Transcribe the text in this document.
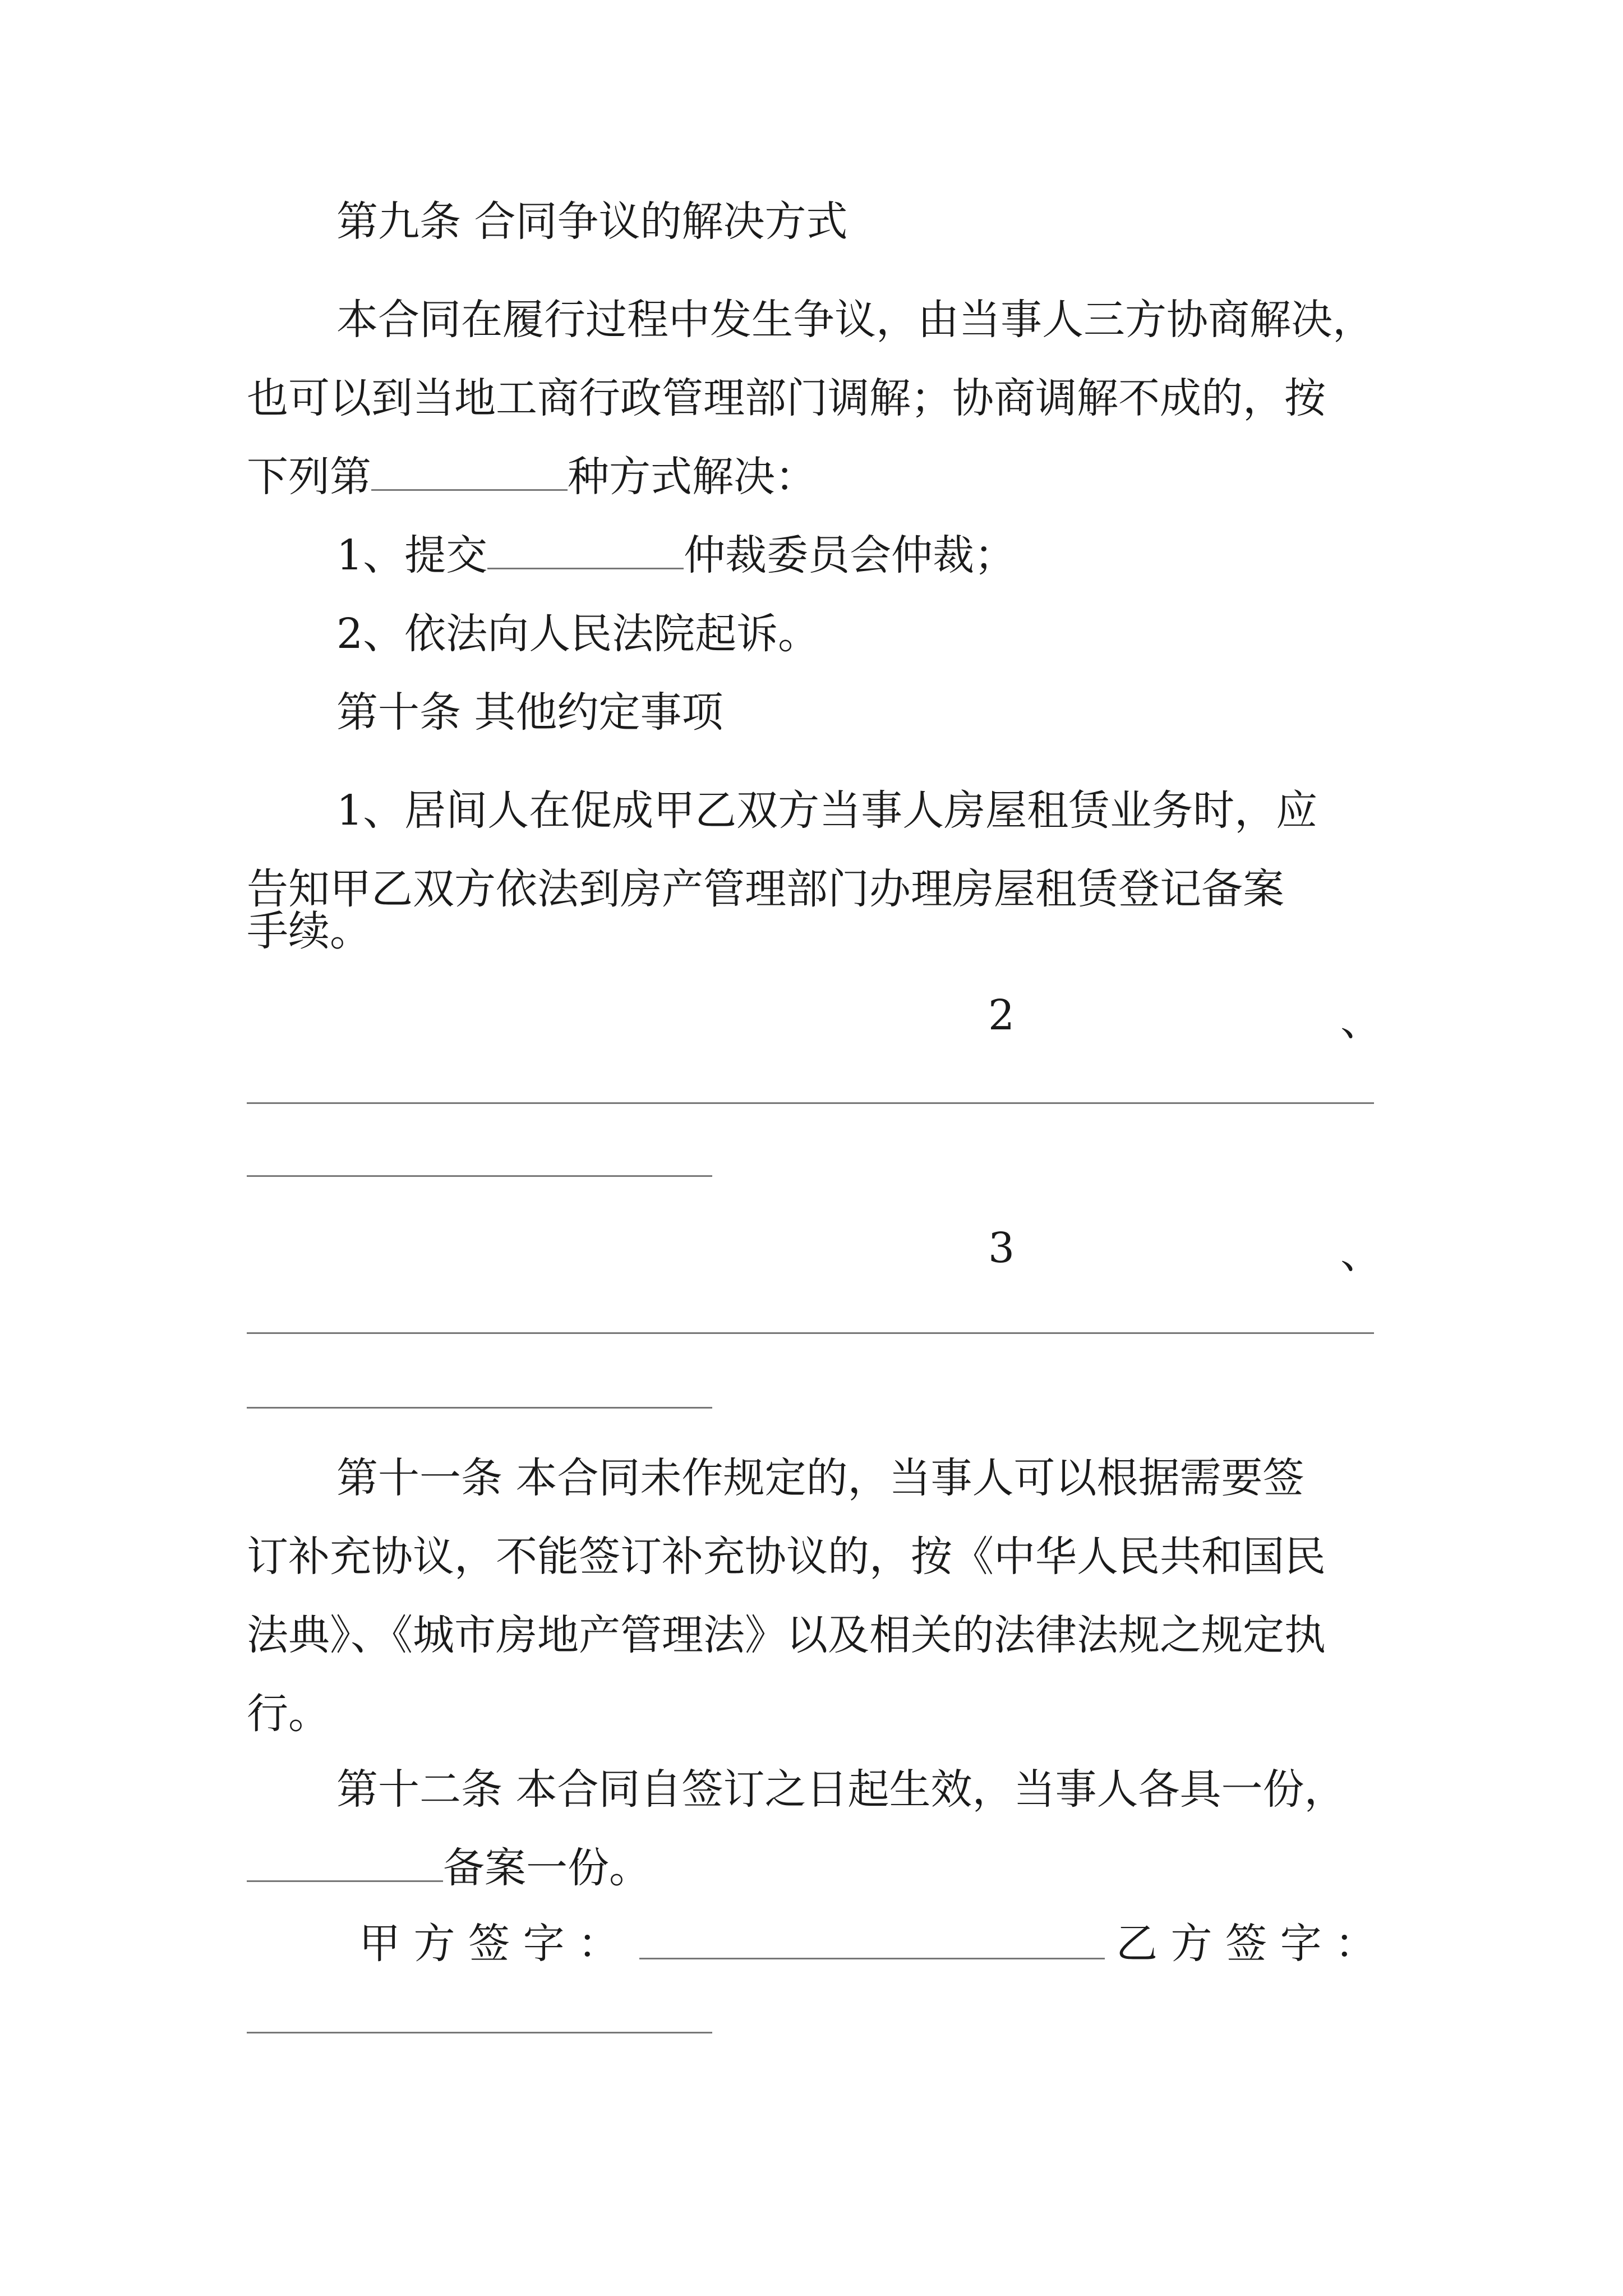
第九条 合同争议的解决方式
本合同在履行过程中发生争议，由当事人三方协商解决，
也可以到当地工商行政管理部门调解；协商调解不成的，按
下列第	种方式解决：
1、提交	仲裁委员会仲裁；
2、依法向人民法院起诉。
第十条 其他约定事项
1、居间人在促成甲乙双方当事人房屋租赁业务时，应
告知甲乙双方依法到房产管理部门办理房屋租赁登记备案
手续。
2	、
3	、
第十一条 本合同未作规定的，当事人可以根据需要签
订补充协议，不能签订补充协议的，按《中华人民共和国民
法典》、《城市房地产管理法》以及相关的法律法规之规定执
行。
第十二条 本合同自签订之日起生效，当事人各具一份，
备案一份。
甲 方 签 字 ：	乙 方 签 字 ：
